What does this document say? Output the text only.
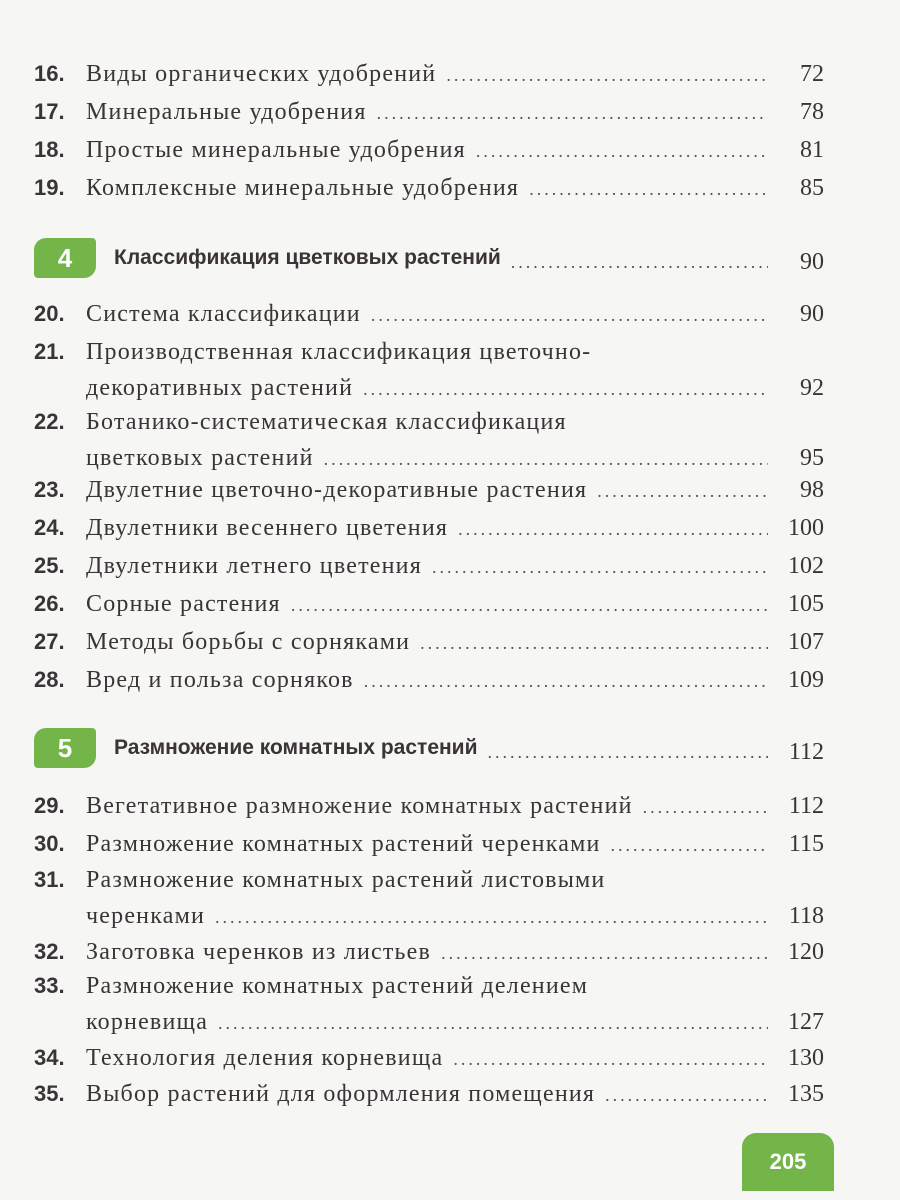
16. Виды органических удобрений .....	72
17. Минеральные удобрения .....	78
18. Простые минеральные удобрения .....	81
19. Комплексные минеральные удобрения .....	85
4	Классификация цветковых растений .....	90
20. Система классификации .....	90
21. Производственная классификация цветочно-
декоративных растений .....	92
22. Ботанико-систематическая классификация
цветковых растений .....	95
23. Двулетние цветочно-декоративные растения .....	98
24. Двулетники весеннего цветения .....	100
25. Двулетники летнего цветения .....	102
26. Сорные растения .....	105
27. Методы борьбы с сорняками .....	107
28. Вред и польза сорняков .....	109
5	Размножение комнатных растений .....	112
29. Вегетативное размножение комнатных растений .....	112
30. Размножение комнатных растений черенками .....	115
31. Размножение комнатных растений листовыми
черенками .....	118
32. Заготовка черенков из листьев .....	120
33. Размножение комнатных растений делением
корневища .....	127
34. Технология деления корневища .....	130
35. Выбор растений для оформления помещения .....	135
205
